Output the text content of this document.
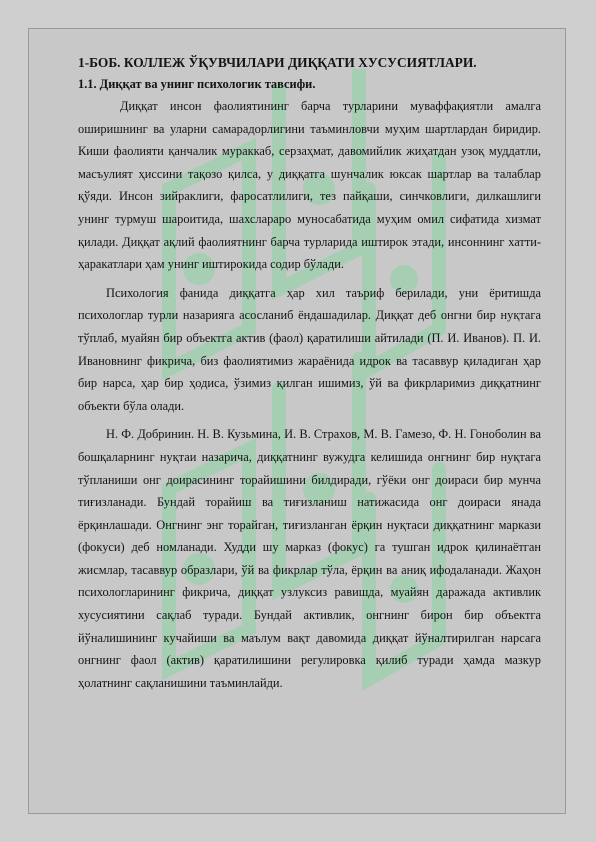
1-БОБ. КОЛЛЕЖ ЎҚУВЧИЛАРИ ДИҚҚАТИ ХУСУСИЯТЛАРИ.
1.1. Диққат ва унинг психологик тавсифи.

Диққат инсон фаолиятининг барча турларини муваффақиятли амалга оширишнинг ва уларни самарадорлигини таъминловчи муҳим шартлардан биридир. Киши фаолияти қанчалик мураккаб, серзаҳмат, давомийлик жиҳатдан узоқ муддатли, масъулият ҳиссини тақозо қилса, у диққатга шунчалик юксак шартлар ва талаблар қўяди. Инсон зийраклиги, фаросатлилиги, тез пайқаши, синчковлиги, дилкашлиги унинг турмуш шароитида, шахсларaро муносабатида муҳим омил сифатида хизмат қилади. Диққат ақлий фаолиятнинг барча турларида иштирок этади, инсоннинг хатти-ҳаракатлари ҳам унинг иштирокида содир бўлади.

Психология фанида диққатга ҳар хил таъриф берилади, уни ёритишда психологлар турли назарияга асосланиб ёндашадилар. Диққат деб онгни бир нуқтага тўплаб, муайян бир объектга актив (фаол) қаратилиши айтилади (П. И. Иванов). П. И. Ивановнинг фикрича, биз фаолиятимиз жараёнида идрок ва тасаввур қиладиган ҳар бир нарса, ҳар бир ҳодиса, ўзимиз қилган ишимиз, ўй ва фикрларимиз диққатнинг объекти бўла олади.

Н. Ф. Добринин. Н. В. Кузьмина, И. В. Страхов, М. В. Гамезо, Ф. Н. Гоноболин ва бошқаларнинг нуқтаи назарича, диққатнинг вужудга келишида онгнинг бир нуқтага тўпланиши онг доирасининг торайишини билдиради, гўёки онг доираси бир мунча тиғизланади. Бундай торайиш ва тиғизланиш натижасида онг доираси янада ёрқинлашади. Онгнинг энг торайган, тиғизланган ёрқин нуқтаси диққатнинг маркази (фокуси) деб номланади. Худди шу марказ (фокус) га тушган идрок қилинаётган жисмлар, тасаввур образлари, ўй ва фикрлар тўла, ёрқин ва аниқ ифодаланади. Жаҳон психологларининг фикрича, диққат узлуксиз равишда, муайян даражада активлик хусусиятини сақлаб туради. Бундай активлик, онгнинг бирон бир объектга йўналишининг кучайиши ва маълум вақт давомида диққат йўналтирилган нарсага онгнинг фаол (актив) қаратилишини регулировка қилиб туради ҳамда мазкур ҳолатнинг сақланишини таъминлайди.
